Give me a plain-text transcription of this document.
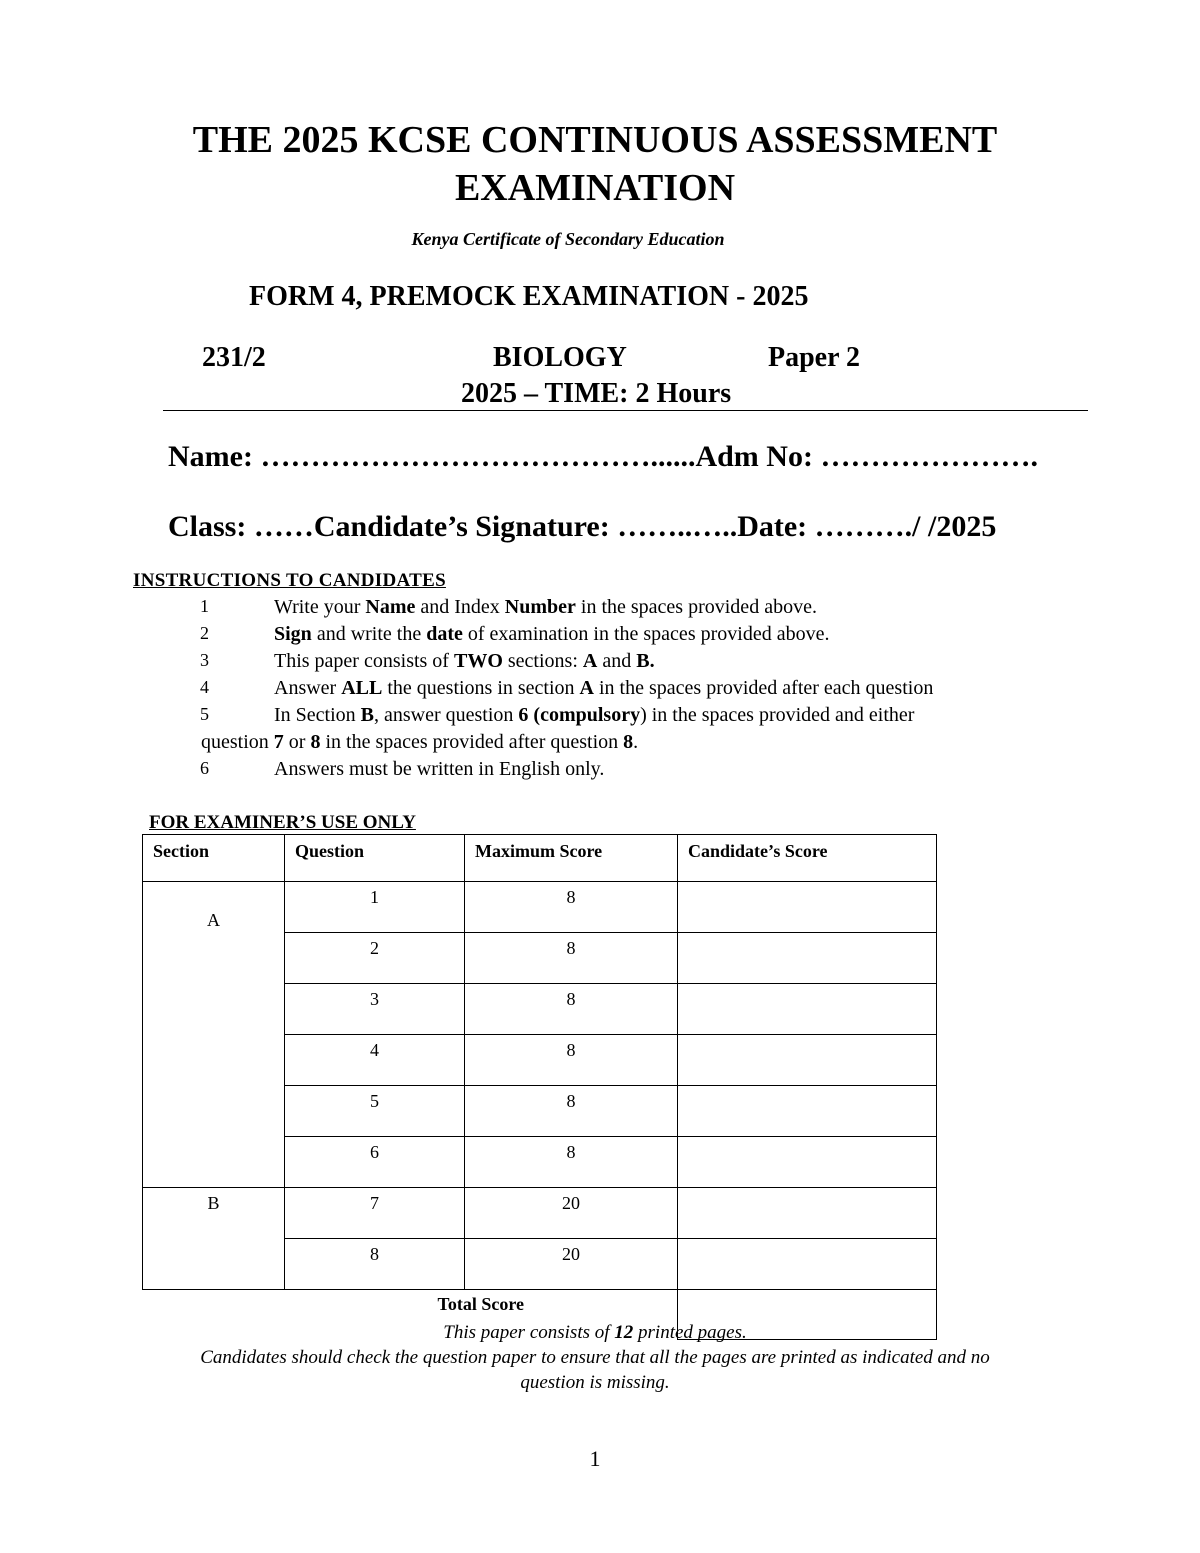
THE 2025 KCSE CONTINUOUS ASSESSMENT
EXAMINATION
Kenya Certificate of Secondary Education
FORM 4, PREMOCK EXAMINATION - 2025
231/2	BIOLOGY	Paper 2
2025 – TIME: 2 Hours
Name: …………………………………......Adm No: ………………….
Class: ……Candidate’s Signature: ……..…..Date: ………./ /2025
INSTRUCTIONS TO CANDIDATES
1	Write your Name and Index Number in the spaces provided above.
2	Sign and write the date of examination in the spaces provided above.
3	This paper consists of TWO sections: A and B.
4	Answer ALL the questions in section A in the spaces provided after each question
5	In Section B, answer question 6 (compulsory) in the spaces provided and either
question 7 or 8 in the spaces provided after question 8.
6	Answers must be written in English only.
FOR EXAMINER’S USE ONLY
Section	Question	Maximum Score	Candidate’s Score
A	1	8	
	2	8	
	3	8	
	4	8	
	5	8	
	6	8	
B	7	20	
	8	20	
	Total Score		
This paper consists of 12 printed pages.
Candidates should check the question paper to ensure that all the pages are printed as indicated and no
question is missing.
1
